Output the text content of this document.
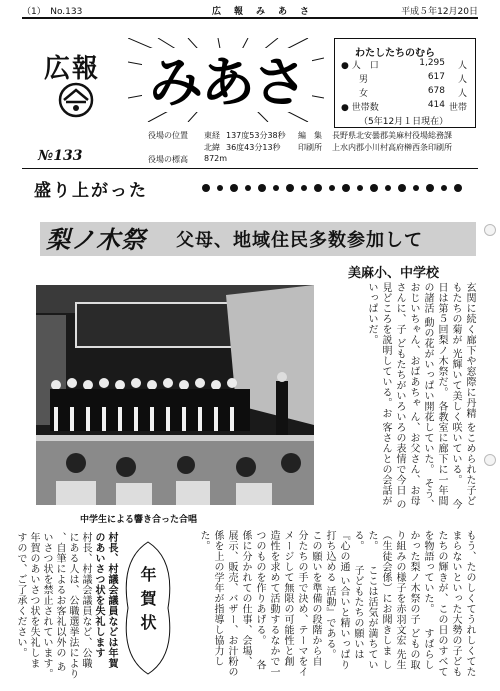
（1）　No.133	広　報　み　あ　さ	平成５年12月20日
広報 みあさ	わたしたちのむら
● 人　口	1,295 人
　　男	617 人
　　女	678 人
● 世帯数	414 世帯
（5年12月１日現在）
役場の位置 東経 137度53分38秒
北緯 36度43分13秒
役場の標高 872m
編　集 長野県北安曇郡美麻村役場総務課
印刷所 上水内郡小川村高府榊西条印刷所
№133
盛り上がった
梨ノ木祭 父母、地域住民多数参加して
美麻小、中学校
中学生による響き合った合唱
玄関に続く廊下や窓際に丹精 をこめられた子どもたちの菊が 光輝いて美しく咲いている。 　今日は第５回梨ノ木祭だ。 各教室に廊下に一年間の諸活 動の花がいっぱい開花していた。 そう、おじいちゃん、おばあちゃ ん、お父さん、お母さんに、子 どもたちがいろいろの表情で今日 の見どころを説明している。お 客さんとの会話がいっぱいだ。
もう、たのしくてうれしくてた まらないといった大勢の子ども たちの輝きが、この日のすべて を物語っていた。 　すばらしかった梨ノ木祭の子 どもの取り組みの様子を赤羽文宏 先生（生徒会係）にお聞きしま した。 　ここは活気が満ちている。 　子どもたちの願いは『心の通 い合いと精いっぱり打ち込める 活動』である。 　この願いを準備の段階から自 分たちの手で決め、テーマをイ メージして無限の可能性と創 造性を求めて活動するなかで一 つのものを作りあげる。 　各係に分かれての仕事、会場、 展示、販売、バザー、お汁粉の 係を上の学年が指導し協力した。
年賀状
村長、村議会議員などは年賀 のあいさつ状を失礼します 　村長、村議会議員など、公職 にある人は、公職選挙法により 、自筆によるお客礼以外の あいさつ状を禁止されています。 年賀のあいさつ状を失礼しま すので、ご了承ください。
